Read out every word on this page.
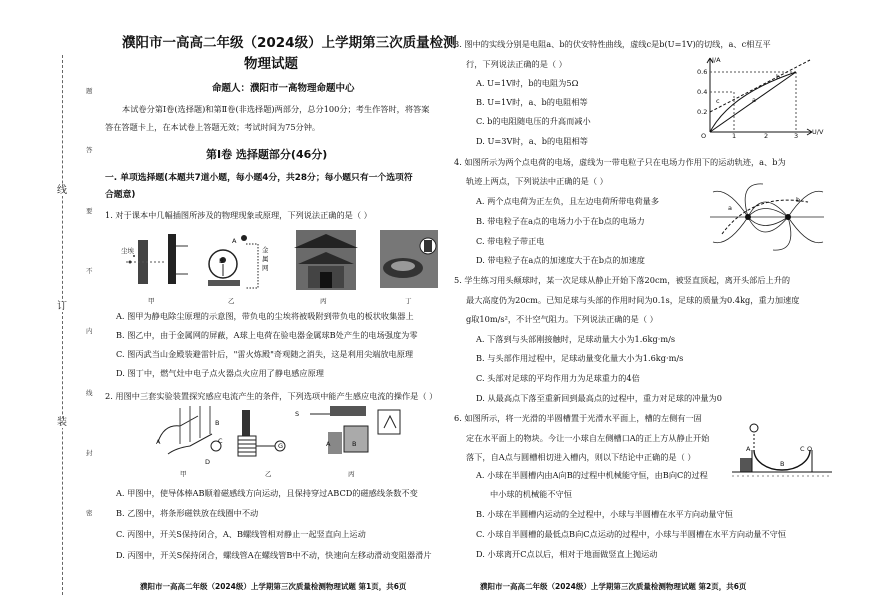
题
答
要
不
内
线
封
密
线
订
装
濮阳市一高高二年级（2024级）上学期第三次质量检测
物理试题
命题人：濮阳市一高物理命题中心
本试卷分第Ⅰ卷(选择题)和第Ⅱ卷(非选择题)两部分，总分100分；考生作答时，将答案
答在答题卡上，在本试卷上答题无效；考试时间为75分钟。
第Ⅰ卷 选择题部分(46分)
一. 单项选择题(本题共7道小题，每小题4分，共28分；每小题只有一个选项符
合题意)
1. 对于课本中几幅插图所涉及的物理现象或原理，下列说法正确的是（ ）
尘埃
A
B
金属网
甲	乙	丙	丁
A. 图甲为静电除尘原理的示意图，带负电的尘埃将被吸附到带负电的板状收集器上
B. 图乙中，由于金属网的屏蔽，A球上电荷在验电器金属球B处产生的电场强度为零
C. 图丙武当山金殿装避雷针后，"雷火炼殿"奇观随之消失，这是利用尖端放电原理
D. 图丁中，燃气灶中电子点火器点火应用了静电感应原理
2. 用图中三套实验装置探究感应电流产生的条件，下列选项中能产生感应电流的操作是（ ）
A
B
C
D
S
G	A	B
甲	乙	丙
A. 甲图中，使导体棒AB顺着磁感线方向运动，且保持穿过ABCD的磁感线条数不变
B. 乙图中，将条形磁铁放在线圈中不动
C. 丙图中，开关S保持闭合，A、B螺线管相对静止一起竖直向上运动
D. 丙图中，开关S保持闭合，螺线管A在螺线管B中不动，快速向左移动滑动变阻器滑片
濮阳市一高高二年级（2024级）上学期第三次质量检测物理试题 第1页，共6页
3. 图中的实线分别是电阻a、b的伏安特性曲线，虚线c是b(U=1V)的切线，a、c相互平
行，下列说法正确的是（ ）
A. U=1V时，b的电阻为5Ω
B. U=1V时，a、b的电阻相等
C. b的电阻随电压的升高而减小
D. U=3V时，a、b的电阻相等
I/A
U/V
O
0.6
0.4
0.2
1	2	3
a
b
c
4. 如图所示为两个点电荷的电场，虚线为一带电粒子只在电场力作用下的运动轨迹，a、b为
轨迹上两点，下列说法中正确的是（ ）
A. 两个点电荷为正左负，且左边电荷所带电荷量多
B. 带电粒子在a点的电场力小于在b点的电场力
C. 带电粒子带正电
D. 带电粒子在a点的加速度大于在b点的加速度
a
b
5. 学生练习用头颠球时，某一次足球从静止开始下落20cm，被竖直顶起，离开头部后上升的
最大高度仍为20cm。已知足球与头部的作用时间为0.1s，足球的质量为0.4kg，重力加速度
g取10m/s²，不计空气阻力。下列说法正确的是（ ）
A. 下落到与头部刚接触时，足球动量大小为1.6kg·m/s
B. 与头部作用过程中，足球动量变化量大小为1.6kg·m/s
C. 头部对足球的平均作用力为足球重力的4倍
D. 从最高点下落至重新回到最高点的过程中，重力对足球的冲量为0
6. 如图所示，将一光滑的半圆槽置于光滑水平面上，槽的左侧有一固
定在水平面上的物块。今让一小球自左侧槽口A的正上方从静止开始
落下，自A点与圆槽相切进入槽内，则以下结论中正确的是（ ）
A. 小球在半圆槽内由A向B的过程中机械能守恒，由B向C的过程
中小球的机械能不守恒
B. 小球在半圆槽内运动的全过程中，小球与半圆槽在水平方向动量守恒
C. 小球自半圆槽的最低点B向C点运动的过程中，小球与半圆槽在水平方向动量不守恒
D. 小球离开C点以后，相对于地面做竖直上抛运动
A
B
C O
濮阳市一高高二年级（2024级）上学期第三次质量检测物理试题 第2页，共6页
